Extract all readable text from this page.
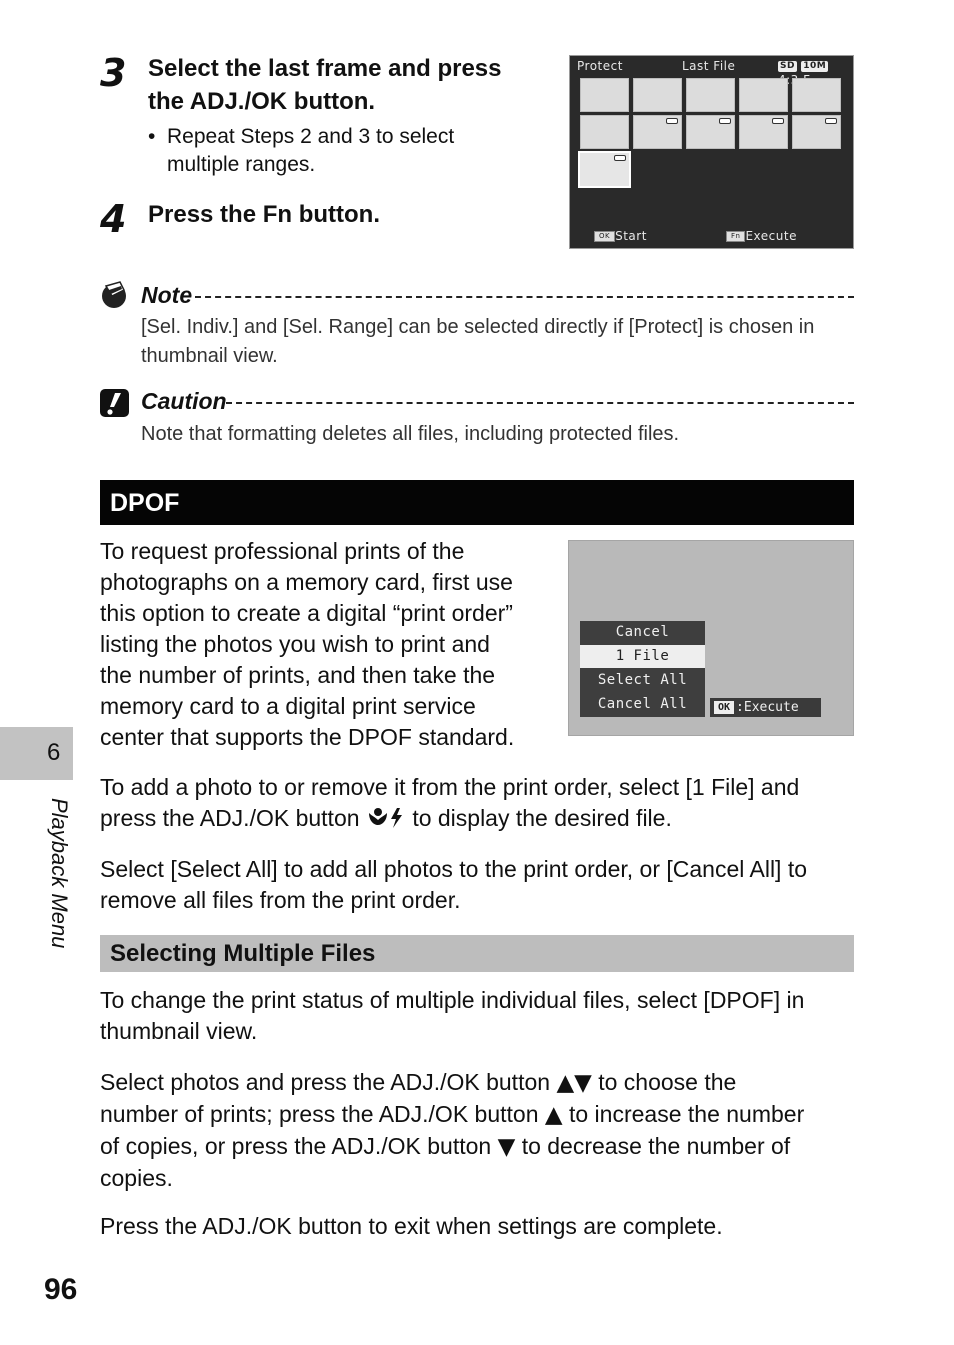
3 Select the last frame and press
the ADJ./OK button.
• Repeat Steps 2 and 3 to select
multiple ranges.
4 Press the Fn button.
Protect	Last File	SD 10M 4:3
OK Start	Fn Execute
Note
[Sel. Indiv.] and [Sel. Range] can be selected directly if [Protect] is chosen in
thumbnail view.
Caution
Note that formatting deletes all files, including protected files.
DPOF
To request professional prints of the
photographs on a memory card, first use
this option to create a digital “print order”
listing the photos you wish to print and
the number of prints, and then take the
memory card to a digital print service
center that supports the DPOF standard.
Cancel
1 File
Select All
Cancel All	OK :Execute
To add a photo to or remove it from the print order, select [1 File] and
press the ADJ./OK button to display the desired file.
Select [Select All] to add all photos to the print order, or [Cancel All] to
remove all files from the print order.
Selecting Multiple Files
To change the print status of multiple individual files, select [DPOF] in
thumbnail view.
Select photos and press the ADJ./OK button ▲▼ to choose the
number of prints; press the ADJ./OK button ▲ to increase the number
of copies, or press the ADJ./OK button ▼ to decrease the number of
copies.
Press the ADJ./OK button to exit when settings are complete.
6
Playback Menu
96
